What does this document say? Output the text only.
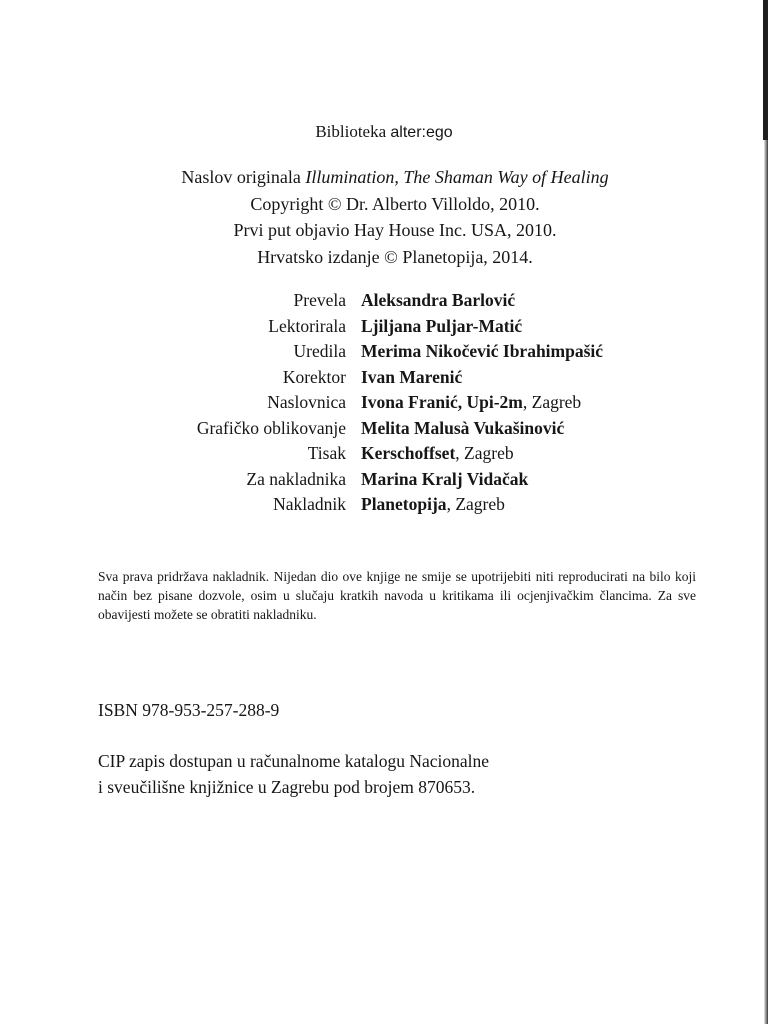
Biblioteka alter:ego
Naslov originala Illumination, The Shaman Way of Healing
Copyright © Dr. Alberto Villoldo, 2010.
Prvi put objavio Hay House Inc. USA, 2010.
Hrvatsko izdanje © Planetopija, 2014.
Prevela Aleksandra Barlović
Lektorirala Ljiljana Puljar-Matić
Uredila Merima Nikočević Ibrahimpašić
Korektor Ivan Marenić
Naslovnica Ivona Franić, Upi-2m, Zagreb
Grafičko oblikovanje Melita Malusà Vukašinović
Tisak Kerschoffset, Zagreb
Za nakladnika Marina Kralj Vidačak
Nakladnik Planetopija, Zagreb
Sva prava pridržava nakladnik. Nijedan dio ove knjige ne smije se upotrijebiti niti reproducirati na bilo koji način bez pisane dozvole, osim u slučaju kratkih navoda u kritikama ili ocjenjivačkim člancima. Za sve obavijesti možete se obratiti nakladniku.
ISBN 978-953-257-288-9
CIP zapis dostupan u računalnome katalogu Nacionalne
i sveučilišne knjižnice u Zagrebu pod brojem 870653.
